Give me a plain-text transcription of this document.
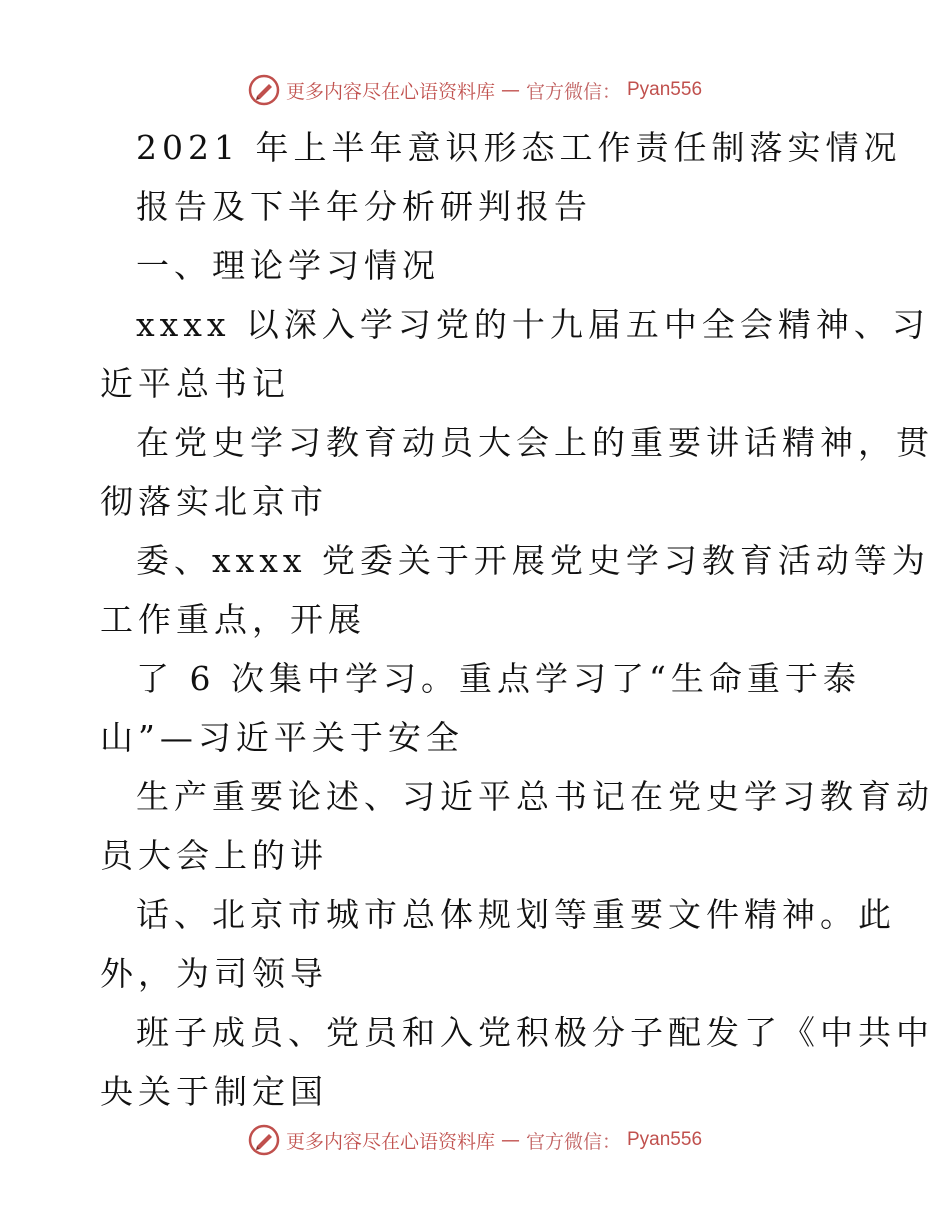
更多内容尽在心语资料库 — 官方微信： Pyan556
2021 年上半年意识形态工作责任制落实情况
报告及下半年分析研判报告
一、理论学习情况
xxxx 以深入学习党的十九届五中全会精神、习
近平总书记
在党史学习教育动员大会上的重要讲话精神，贯
彻落实北京市
委、xxxx 党委关于开展党史学习教育活动等为
工作重点，开展
了 6 次集中学习。重点学习了“生命重于泰
山”—习近平关于安全
生产重要论述、习近平总书记在党史学习教育动
员大会上的讲
话、北京市城市总体规划等重要文件精神。此
外，为司领导
班子成员、党员和入党积极分子配发了《中共中
央关于制定国
更多内容尽在心语资料库 — 官方微信： Pyan556
